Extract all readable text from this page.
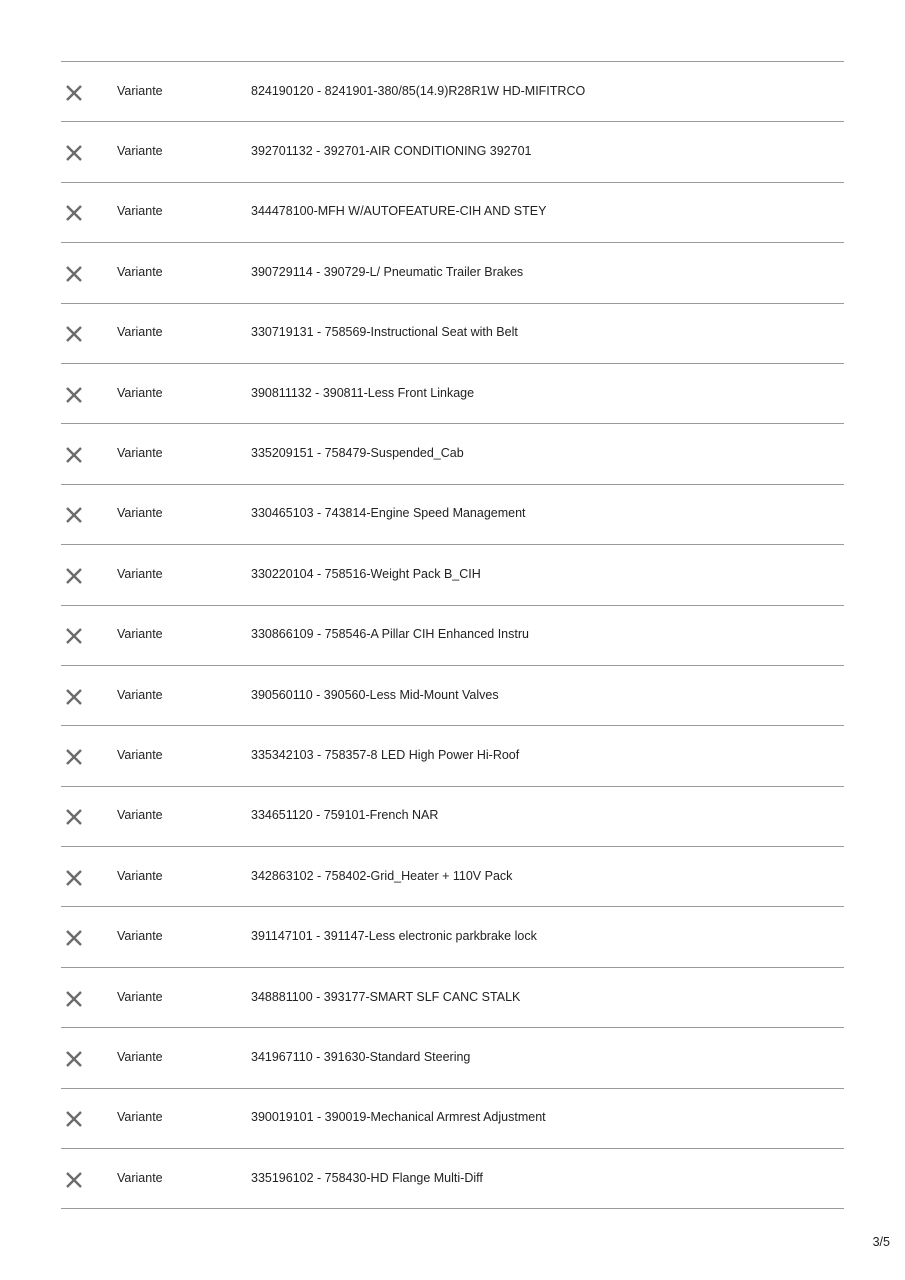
Variante	824190120 - 8241901-380/85(14.9)R28R1W HD-MIFITRCO
Variante	392701132 - 392701-AIR CONDITIONING 392701
Variante	344478100-MFH W/AUTOFEATURE-CIH AND STEY
Variante	390729114 - 390729-L/ Pneumatic Trailer Brakes
Variante	330719131 - 758569-Instructional Seat with Belt
Variante	390811132 - 390811-Less Front Linkage
Variante	335209151 - 758479-Suspended_Cab
Variante	330465103 - 743814-Engine Speed Management
Variante	330220104 - 758516-Weight Pack B_CIH
Variante	330866109 - 758546-A Pillar CIH Enhanced Instru
Variante	390560110 - 390560-Less Mid-Mount Valves
Variante	335342103 - 758357-8 LED High Power Hi-Roof
Variante	334651120 - 759101-French NAR
Variante	342863102 - 758402-Grid_Heater + 110V Pack
Variante	391147101 - 391147-Less electronic parkbrake lock
Variante	348881100 - 393177-SMART SLF CANC STALK
Variante	341967110 - 391630-Standard Steering
Variante	390019101 - 390019-Mechanical Armrest Adjustment
Variante	335196102 - 758430-HD Flange Multi-Diff
3/5
